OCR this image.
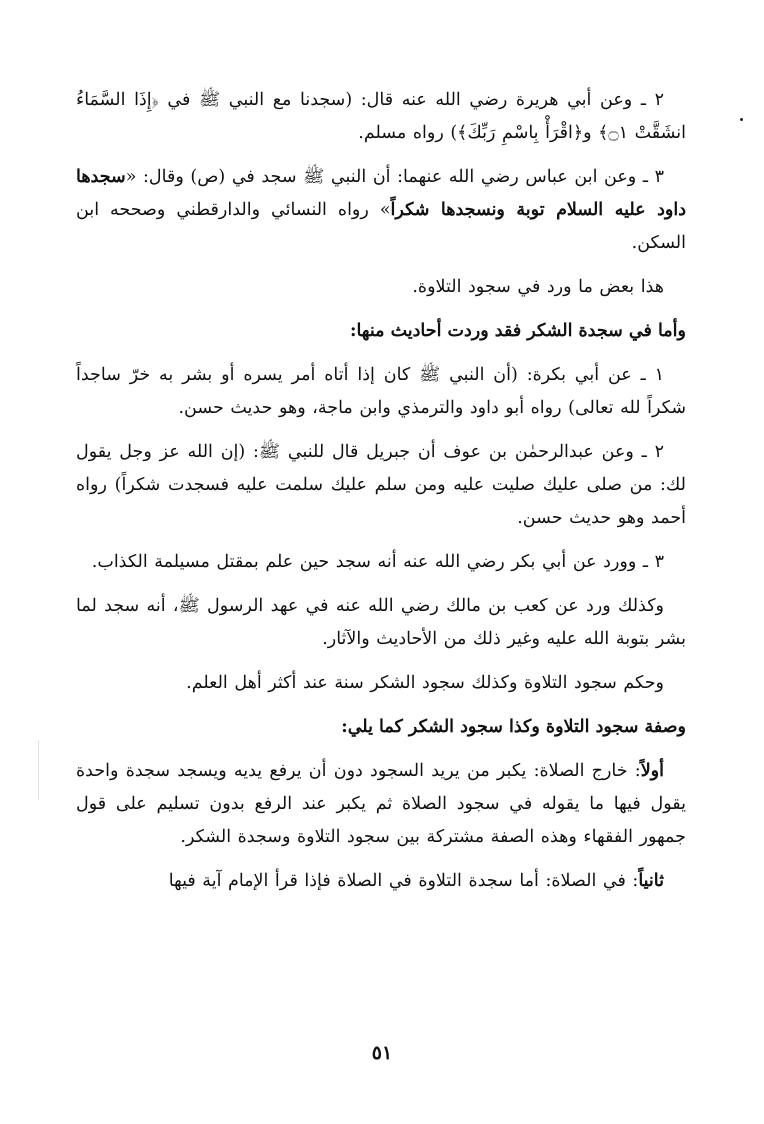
٢ ـ وعن أبي هريرة رضي الله عنه قال: (سجدنا مع النبي ﷺ في ﴿إِذَا السَّمَاءُ انشَقَّتْ ۝١﴾ و﴿اقْرَأْ بِاسْمِ رَبِّكَ﴾) رواه مسلم.

٣ ـ وعن ابن عباس رضي الله عنهما: أن النبي ﷺ سجد في (ص) وقال: «سجدها داود عليه السلام توبة ونسجدها شكراً» رواه النسائي والدارقطني وصححه ابن السكن.

هذا بعض ما ورد في سجود التلاوة.

وأما في سجدة الشكر فقد وردت أحاديث منها:

١ ـ عن أبي بكرة: (أن النبي ﷺ كان إذا أتاه أمر يسره أو بشر به خرّ ساجداً شكراً لله تعالى) رواه أبو داود والترمذي وابن ماجة، وهو حديث حسن.

٢ ـ وعن عبدالرحمٰن بن عوف أن جبريل قال للنبي ﷺ: (إن الله عز وجل يقول لك: من صلى عليك صليت عليه ومن سلم عليك سلمت عليه فسجدت شكراً) رواه أحمد وهو حديث حسن.

٣ ـ وورد عن أبي بكر رضي الله عنه أنه سجد حين علم بمقتل مسيلمة الكذاب.

وكذلك ورد عن كعب بن مالك رضي الله عنه في عهد الرسول ﷺ، أنه سجد لما بشر بتوبة الله عليه وغير ذلك من الأحاديث والآثار.

وحكم سجود التلاوة وكذلك سجود الشكر سنة عند أكثر أهل العلم.

وصفة سجود التلاوة وكذا سجود الشكر كما يلي:

أولاً: خارج الصلاة: يكبر من يريد السجود دون أن يرفع يديه ويسجد سجدة واحدة يقول فيها ما يقوله في سجود الصلاة ثم يكبر عند الرفع بدون تسليم على قول جمهور الفقهاء وهذه الصفة مشتركة بين سجود التلاوة وسجدة الشكر.

ثانياً: في الصلاة: أما سجدة التلاوة في الصلاة فإذا قرأ الإمام آية فيها

٥١
